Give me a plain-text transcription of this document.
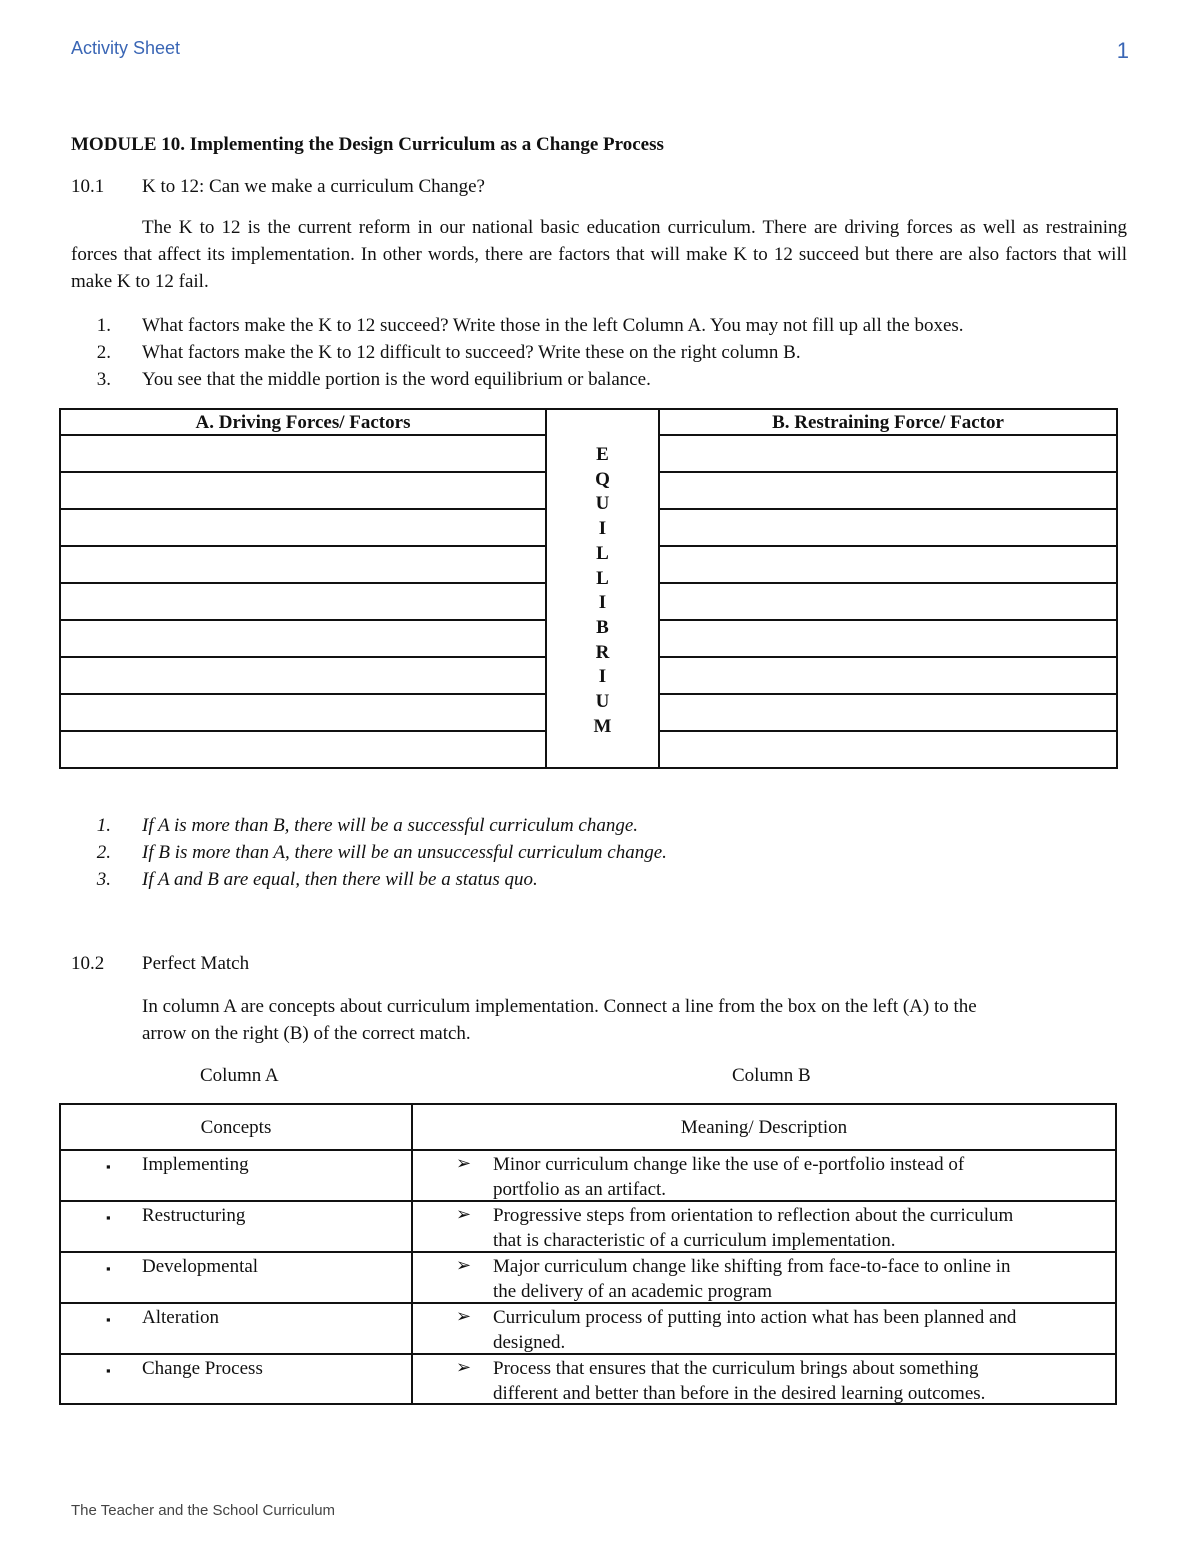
Activity Sheet	1
The Teacher and the School Curriculum
MODULE 10. Implementing the Design Curriculum as a Change Process
10.1 K to 12: Can we make a curriculum Change?
The K to 12 is the current reform in our national basic education curriculum. There are driving forces as well as restraining forces that affect its implementation. In other words, there are factors that will make K to 12 succeed but there are also factors that will make K to 12 fail.
1. What factors make the K to 12 succeed? Write those in the left Column A. You may not fill up all the boxes.
2. What factors make the K to 12 difficult to succeed? Write these on the right column B.
3. You see that the middle portion is the word equilibrium or balance.
A. Driving Forces/ Factors
E
Q
U
I
L
L
I
B
R
I
U
M
B. Restraining Force/ Factor
1. If A is more than B, there will be a successful curriculum change.
2. If B is more than A, there will be an unsuccessful curriculum change.
3. If A and B are equal, then there will be a status quo.
10.2 Perfect Match
In column A are concepts about curriculum implementation. Connect a line from the box on the left (A) to the
arrow on the right (B) of the correct match.
Column A	Column B
Concepts	Meaning/ Description
▪ Implementing	➢ Minor curriculum change like the use of e-portfolio instead of
portfolio as an artifact.
▪ Restructuring	➢ Progressive steps from orientation to reflection about the curriculum
that is characteristic of a curriculum implementation.
▪ Developmental	➢ Major curriculum change like shifting from face-to-face to online in
the delivery of an academic program
▪ Alteration	➢ Curriculum process of putting into action what has been planned and
designed.
▪ Change Process	➢ Process that ensures that the curriculum brings about something
different and better than before in the desired learning outcomes.
